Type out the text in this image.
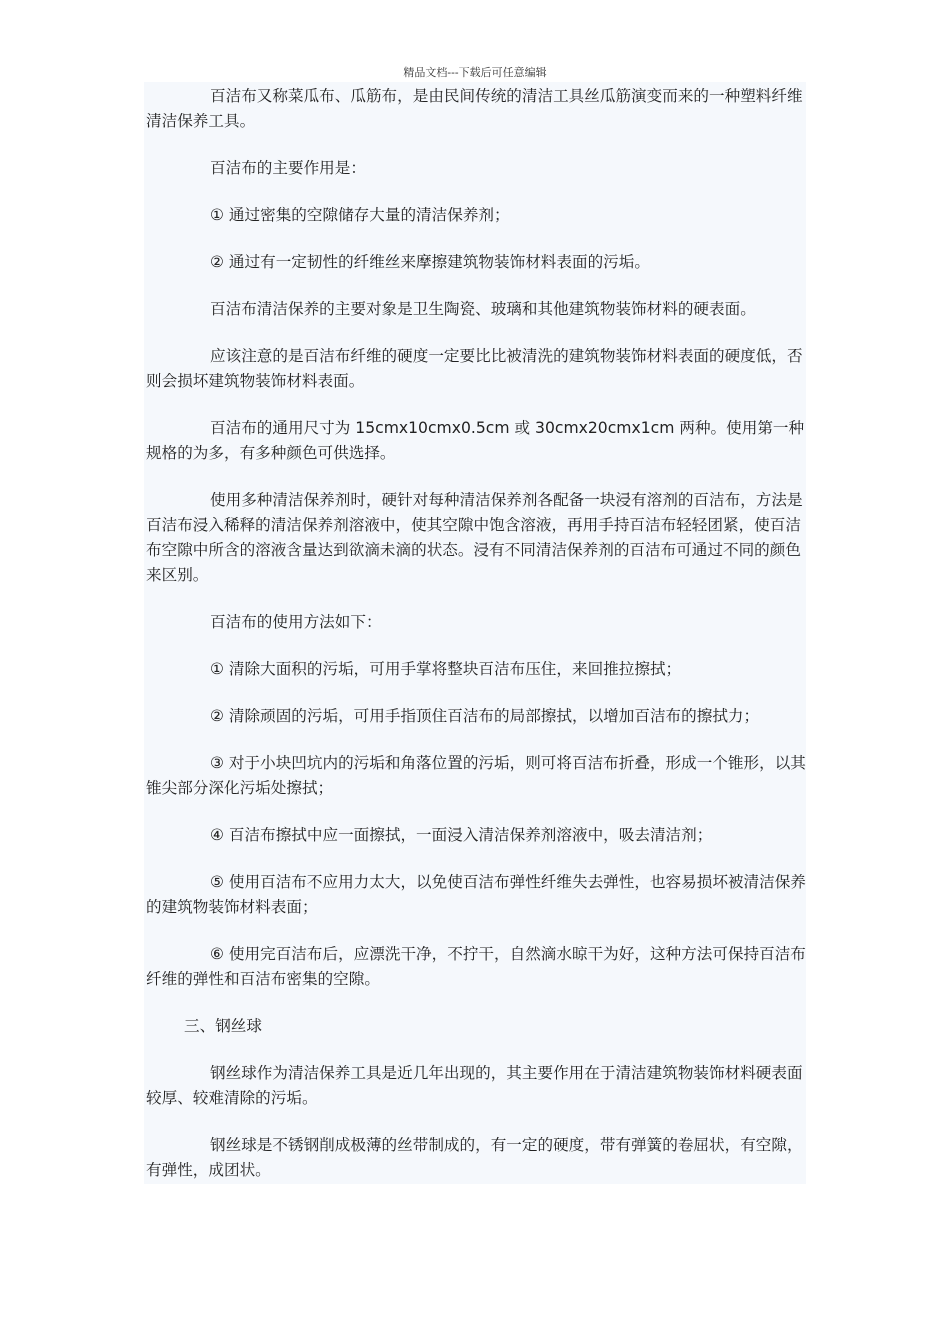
精品文档---下载后可任意编辑

百洁布又称菜瓜布、瓜筋布，是由民间传统的清洁工具丝瓜筋演变而来的一种塑料纤维清洁保养工具。

百洁布的主要作用是：

① 通过密集的空隙储存大量的清洁保养剂；

② 通过有一定韧性的纤维丝来摩擦建筑物装饰材料表面的污垢。

百洁布清洁保养的主要对象是卫生陶瓷、玻璃和其他建筑物装饰材料的硬表面。

应该注意的是百洁布纤维的硬度一定要比比被清洗的建筑物装饰材料表面的硬度低，否则会损坏建筑物装饰材料表面。

百洁布的通用尺寸为 15cmx10cmx0.5cm 或 30cmx20cmx1cm 两种。使用第一种规格的为多，有多种颜色可供选择。

使用多种清洁保养剂时，硬针对每种清洁保养剂各配备一块浸有溶剂的百洁布，方法是百洁布浸入稀释的清洁保养剂溶液中，使其空隙中饱含溶液，再用手持百洁布轻轻团紧，使百洁布空隙中所含的溶液含量达到欲滴未滴的状态。浸有不同清洁保养剂的百洁布可通过不同的颜色来区别。

百洁布的使用方法如下：

① 清除大面积的污垢，可用手掌将整块百洁布压住，来回推拉擦拭；

② 清除顽固的污垢，可用手指顶住百洁布的局部擦拭，以增加百洁布的擦拭力；

③ 对于小块凹坑内的污垢和角落位置的污垢，则可将百洁布折叠，形成一个锥形，以其锥尖部分深化污垢处擦拭；

④ 百洁布擦拭中应一面擦拭，一面浸入清洁保养剂溶液中，吸去清洁剂；

⑤ 使用百洁布不应用力太大，以免使百洁布弹性纤维失去弹性，也容易损坏被清洁保养的建筑物装饰材料表面；

⑥ 使用完百洁布后，应漂洗干净，不拧干，自然滴水晾干为好，这种方法可保持百洁布纤维的弹性和百洁布密集的空隙。

三、钢丝球

钢丝球作为清洁保养工具是近几年出现的，其主要作用在于清洁建筑物装饰材料硬表面较厚、较难清除的污垢。

钢丝球是不锈钢削成极薄的丝带制成的，有一定的硬度，带有弹簧的卷屈状，有空隙，有弹性，成团状。
